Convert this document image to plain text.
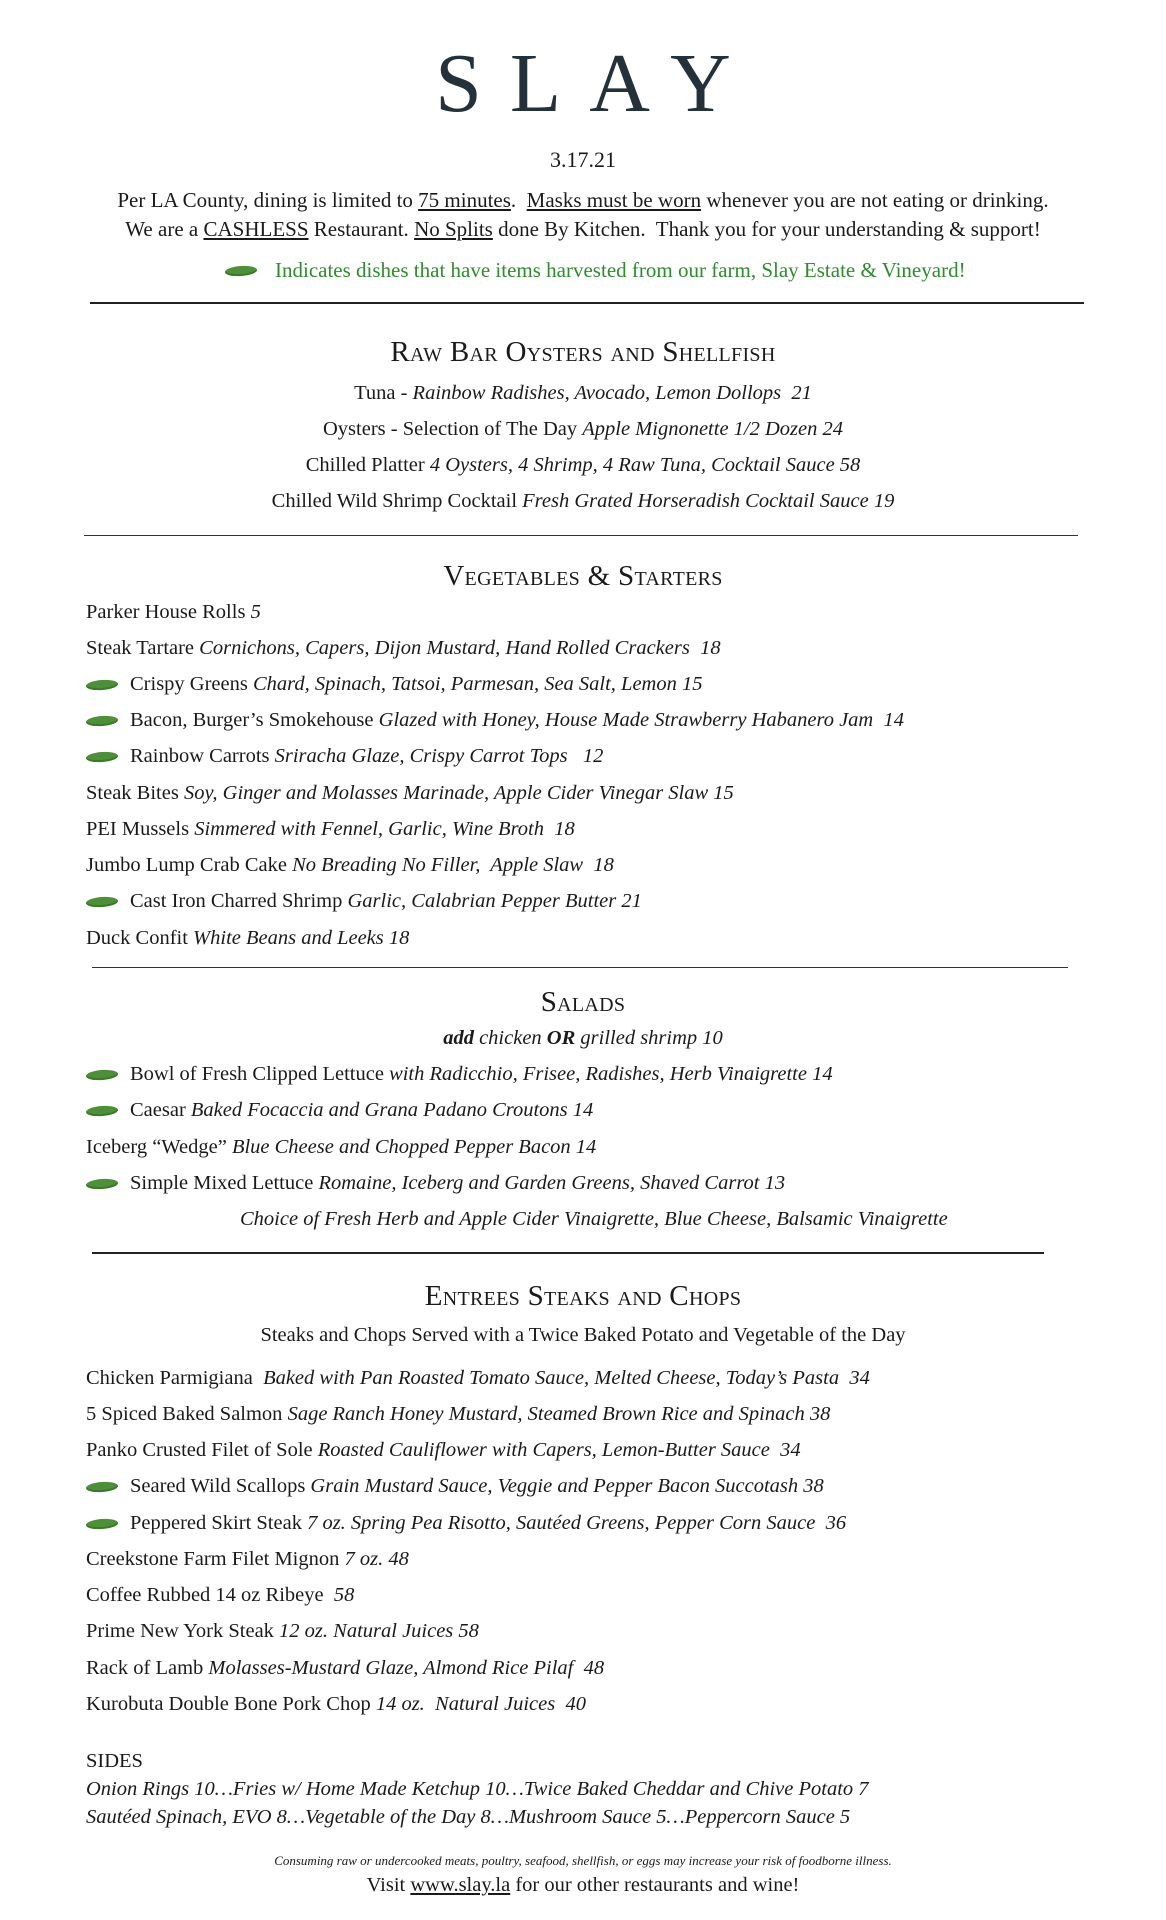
SLAY
3.17.21
Per LA County, dining is limited to 75 minutes.  Masks must be worn whenever you are not eating or drinking.
We are a CASHLESS Restaurant. No Splits done By Kitchen.  Thank you for your understanding & support!
Indicates dishes that have items harvested from our farm, Slay Estate & Vineyard!
Raw Bar Oysters and Shellfish
Tuna - Rainbow Radishes, Avocado, Lemon Dollops  21
Oysters - Selection of The Day Apple Mignonette 1/2 Dozen 24
Chilled Platter 4 Oysters, 4 Shrimp, 4 Raw Tuna, Cocktail Sauce 58
Chilled Wild Shrimp Cocktail Fresh Grated Horseradish Cocktail Sauce 19
Vegetables & Starters
Parker House Rolls 5
Steak Tartare Cornichons, Capers, Dijon Mustard, Hand Rolled Crackers  18
Crispy Greens Chard, Spinach, Tatsoi, Parmesan, Sea Salt, Lemon 15
Bacon, Burger’s Smokehouse Glazed with Honey, House Made Strawberry Habanero Jam  14
Rainbow Carrots Sriracha Glaze, Crispy Carrot Tops   12
Steak Bites Soy, Ginger and Molasses Marinade, Apple Cider Vinegar Slaw 15
PEI Mussels Simmered with Fennel, Garlic, Wine Broth  18
Jumbo Lump Crab Cake No Breading No Filler,  Apple Slaw  18
Cast Iron Charred Shrimp Garlic, Calabrian Pepper Butter 21
Duck Confit White Beans and Leeks 18
Salads
add chicken OR grilled shrimp 10
Bowl of Fresh Clipped Lettuce with Radicchio, Frisee, Radishes, Herb Vinaigrette 14
Caesar Baked Focaccia and Grana Padano Croutons 14
Iceberg “Wedge” Blue Cheese and Chopped Pepper Bacon 14
Simple Mixed Lettuce Romaine, Iceberg and Garden Greens, Shaved Carrot 13
Choice of Fresh Herb and Apple Cider Vinaigrette, Blue Cheese, Balsamic Vinaigrette
Entrees Steaks and Chops
Steaks and Chops Served with a Twice Baked Potato and Vegetable of the Day
Chicken Parmigiana Baked with Pan Roasted Tomato Sauce, Melted Cheese, Today’s Pasta  34
5 Spiced Baked Salmon Sage Ranch Honey Mustard, Steamed Brown Rice and Spinach 38
Panko Crusted Filet of Sole Roasted Cauliflower with Capers, Lemon-Butter Sauce  34
Seared Wild Scallops Grain Mustard Sauce, Veggie and Pepper Bacon Succotash 38
Peppered Skirt Steak 7 oz. Spring Pea Risotto, Sautéed Greens, Pepper Corn Sauce  36
Creekstone Farm Filet Mignon 7 oz. 48
Coffee Rubbed 14 oz Ribeye 58
Prime New York Steak 12 oz. Natural Juices 58
Rack of Lamb Molasses-Mustard Glaze, Almond Rice Pilaf  48
Kurobuta Double Bone Pork Chop 14 oz.  Natural Juices  40
SIDES
Onion Rings 10…Fries w/ Home Made Ketchup 10…Twice Baked Cheddar and Chive Potato 7
Sautéed Spinach, EVO 8…Vegetable of the Day 8…Mushroom Sauce 5…Peppercorn Sauce 5
Consuming raw or undercooked meats, poultry, seafood, shellfish, or eggs may increase your risk of foodborne illness.
Visit www.slay.la for our other restaurants and wine!
